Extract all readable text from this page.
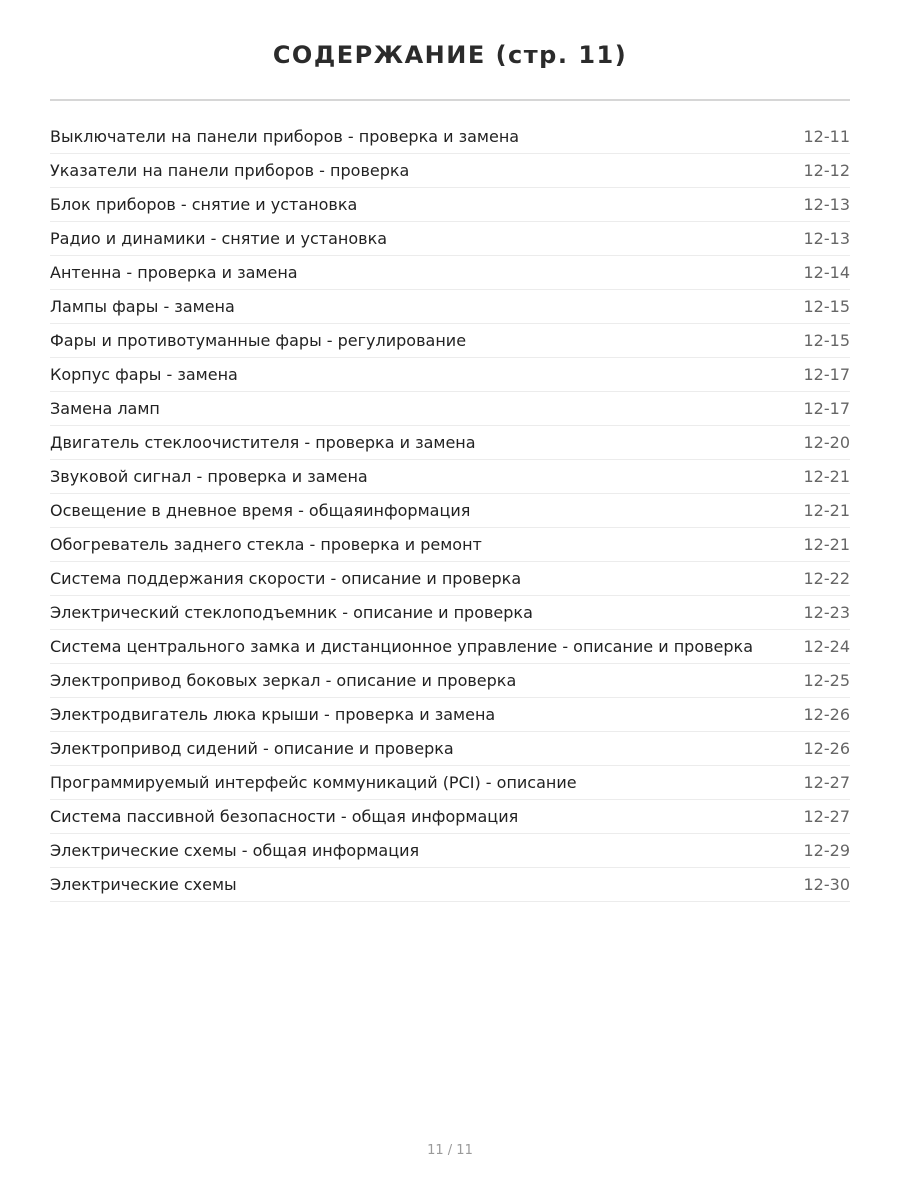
СОДЕРЖАНИЕ (стр. 11)
Выключатели на панели приборов - проверка и замена	12-11
Указатели на панели приборов - проверка	12-12
Блок приборов - снятие и установка	12-13
Радио и динамики - снятие и установка	12-13
Антенна - проверка и замена	12-14
Лампы фары - замена	12-15
Фары и противотуманные фары - регулирование	12-15
Корпус фары - замена	12-17
Замена ламп	12-17
Двигатель стеклоочистителя - проверка и замена	12-20
Звуковой сигнал - проверка и замена	12-21
Освещение в дневное время - общаяинформация	12-21
Обогреватель заднего стекла - проверка и ремонт	12-21
Система поддержания скорости - описание и проверка	12-22
Электрический стеклоподъемник - описание и проверка	12-23
Система центрального замка и дистанционное управление - описание и проверка	12-24
Электропривод боковых зеркал - описание и проверка	12-25
Электродвигатель люка крыши - проверка и замена	12-26
Электропривод сидений - описание и проверка	12-26
Программируемый интерфейс коммуникаций (PCI) - описание	12-27
Система пассивной безопасности - общая информация	12-27
Электрические схемы - общая информация	12-29
Электрические схемы	12-30
11 / 11
